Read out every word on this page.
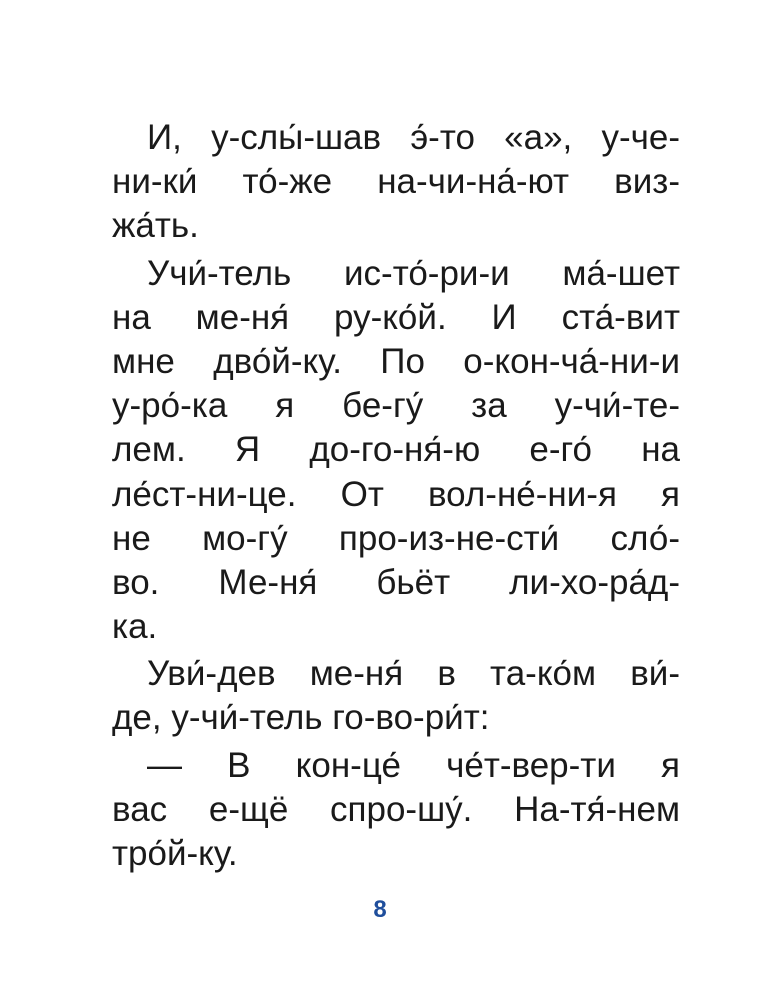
И, у-слы́-шав э́-то «а», у-че-
ни-ки́ то́-же на-чи-на́-ют виз-
жа́ть.
Учи́-тель ис-то́-ри-и ма́-шет
на ме-ня́ ру-ко́й. И ста́-вит
мне дво́й-ку. По о-кон-ча́-ни-и
у-ро́-ка я бе-гу́ за у-чи́-те-
лем. Я до-го-ня́-ю е-го́ на
ле́ст-ни-це. От вол-не́-ни-я я
не мо-гу́ про-из-не-сти́ сло́-
во. Ме-ня́ бьёт ли-хо-ра́д-
ка.
Уви́-дев ме-ня́ в та-ко́м ви́-
де, у-чи́-тель го-во-ри́т:
— В кон-це́ че́т-вер-ти я
вас е-щё спро-шу́. На-тя́-нем
тро́й-ку.
8
